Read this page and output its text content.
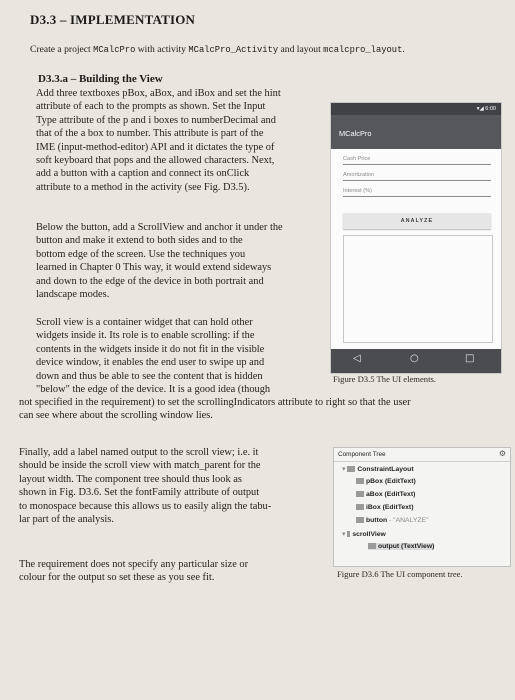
D3.3 – IMPLEMENTATION
Create a project MCalcPro with activity MCalcPro_Activity and layout mcalcpro_layout.
D3.3.a – Building the View
Add three textboxes pBox, aBox, and iBox and set the hint
attribute of each to the prompts as shown. Set the Input
Type attribute of the p and i boxes to numberDecimal and
that of the a box to number. This attribute is part of the
IME (input-method-editor) API and it dictates the type of
soft keyboard that pops and the allowed characters. Next,
add a button with a caption and connect its onClick
attribute to a method in the activity (see Fig. D3.5).
Below the button, add a ScrollView and anchor it under the
button and make it extend to both sides and to the
bottom edge of the screen. Use the techniques you
learned in Chapter 0 This way, it would extend sideways
and down to the edge of the device in both portrait and
landscape modes.
Scroll view is a container widget that can hold other
widgets inside it. Its role is to enable scrolling: if the
contents in the widgets inside it do not fit in the visible
device window, it enables the end user to swipe up and
down and thus be able to see the content that is hidden
"below" the edge of the device. It is a good idea (though
not specified in the requirement) to set the scrollingIndicators attribute to right so that the user
can see where about the scrolling window lies.
Finally, add a label named output to the scroll view; i.e. it
should be inside the scroll view with match_parent for the
layout width. The component tree should thus look as
shown in Fig. D3.6. Set the fontFamily attribute of output
to monospace because this allows us to easily align the tabu-
lar part of the analysis.
The requirement does not specify any particular size or
colour for the output so set these as you see fit.
▾◢ 6:00
MCalcPro
Cash Price
Amortization
Interest (%)
ANALYZE
◁	○	□
Figure D3.5 The UI elements.
Component Tree	⚙
▾ ConstraintLayout
pBox (EditText)
aBox (EditText)
iBox (EditText)
button - "ANALYZE"
▾ scrollView
output (TextView)
Figure D3.6 The UI component tree.
